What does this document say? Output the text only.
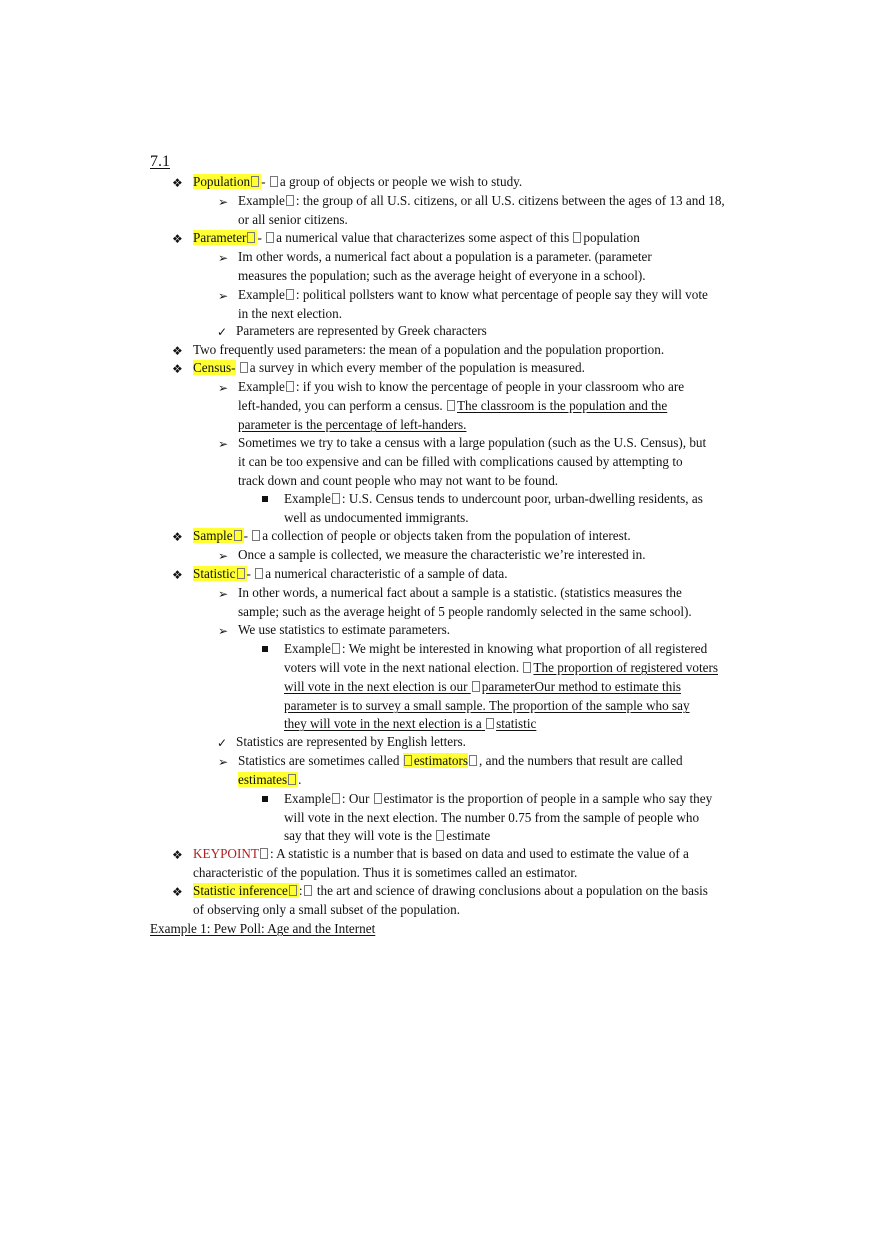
7.1
❖ Population - a group of objects or people we wish to study.
➢ Example : the group of all U.S. citizens, or all U.S. citizens between the ages of 13 and 18,
or all senior citizens.
❖ Parameter - a numerical value that characterizes some aspect of this population
➢ Im other words, a numerical fact about a population is a parameter. (parameter
measures the population; such as the average height of everyone in a school).
➢ Example : political pollsters want to know what percentage of people say they will vote
in the next election.
✓ Parameters are represented by Greek characters
❖ Two frequently used parameters: the mean of a population and the population proportion.
❖ Census- a survey in which every member of the population is measured.
➢ Example : if you wish to know the percentage of people in your classroom who are
left-handed, you can perform a census. The classroom is the population and the
parameter is the percentage of left-handers.
➢ Sometimes we try to take a census with a large population (such as the U.S. Census), but
it can be too expensive and can be filled with complications caused by attempting to
track down and count people who may not want to be found.
Example : U.S. Census tends to undercount poor, urban-dwelling residents, as
well as undocumented immigrants.
❖ Sample - a collection of people or objects taken from the population of interest.
➢ Once a sample is collected, we measure the characteristic we’re interested in.
❖ Statistic - a numerical characteristic of a sample of data.
➢ In other words, a numerical fact about a sample is a statistic. (statistics measures the
sample; such as the average height of 5 people randomly selected in the same school).
➢ We use statistics to estimate parameters.
Example : We might be interested in knowing what proportion of all registered
voters will vote in the next national election. The proportion of registered voters
will vote in the next election is our parameterOur method to estimate this
parameter is to survey a small sample. The proportion of the sample who say
they will vote in the next election is a statistic
✓ Statistics are represented by English letters.
➢ Statistics are sometimes called estimators , and the numbers that result are called
estimates .
Example : Our estimator is the proportion of people in a sample who say they
will vote in the next election. The number 0.75 from the sample of people who
say that they will vote is the estimate
❖ KEYPOINT : A statistic is a number that is based on data and used to estimate the value of a
characteristic of the population. Thus it is sometimes called an estimator.
❖ Statistic inference : the art and science of drawing conclusions about a population on the basis
of observing only a small subset of the population.
Example 1: Pew Poll: Age and the Internet
